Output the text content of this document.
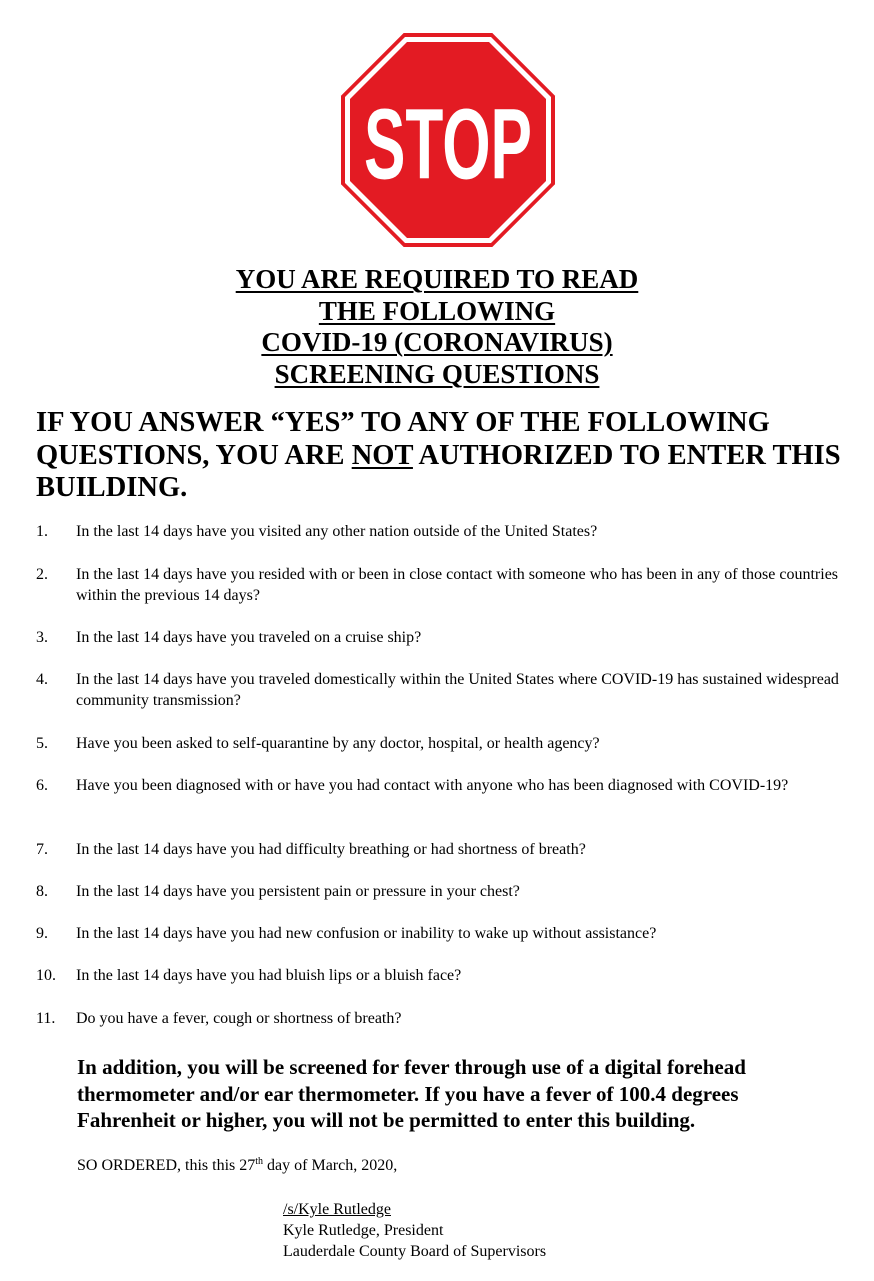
STOP
YOU ARE REQUIRED TO READ
THE FOLLOWING
COVID-19 (CORONAVIRUS)
SCREENING QUESTIONS
IF YOU ANSWER “YES” TO ANY OF THE FOLLOWING QUESTIONS, YOU ARE NOT AUTHORIZED TO ENTER THIS BUILDING.
1. In the last 14 days have you visited any other nation outside of the United States?
2. In the last 14 days have you resided with or been in close contact with someone who has been in any of those countries within the previous 14 days?
3. In the last 14 days have you traveled on a cruise ship?
4. In the last 14 days have you traveled domestically within the United States where COVID-19 has sustained widespread community transmission?
5. Have you been asked to self-quarantine by any doctor, hospital, or health agency?
6. Have you been diagnosed with or have you had contact with anyone who has been diagnosed with COVID-19?
7. In the last 14 days have you had difficulty breathing or had shortness of breath?
8. In the last 14 days have you persistent pain or pressure in your chest?
9. In the last 14 days have you had new confusion or inability to wake up without assistance?
10. In the last 14 days have you had bluish lips or a bluish face?
11. Do you have a fever, cough or shortness of breath?
In addition, you will be screened for fever through use of a digital forehead thermometer and/or ear thermometer. If you have a fever of 100.4 degrees Fahrenheit or higher, you will not be permitted to enter this building.
SO ORDERED, this this 27th day of March, 2020,
/s/Kyle Rutledge
Kyle Rutledge, President
Lauderdale County Board of Supervisors
